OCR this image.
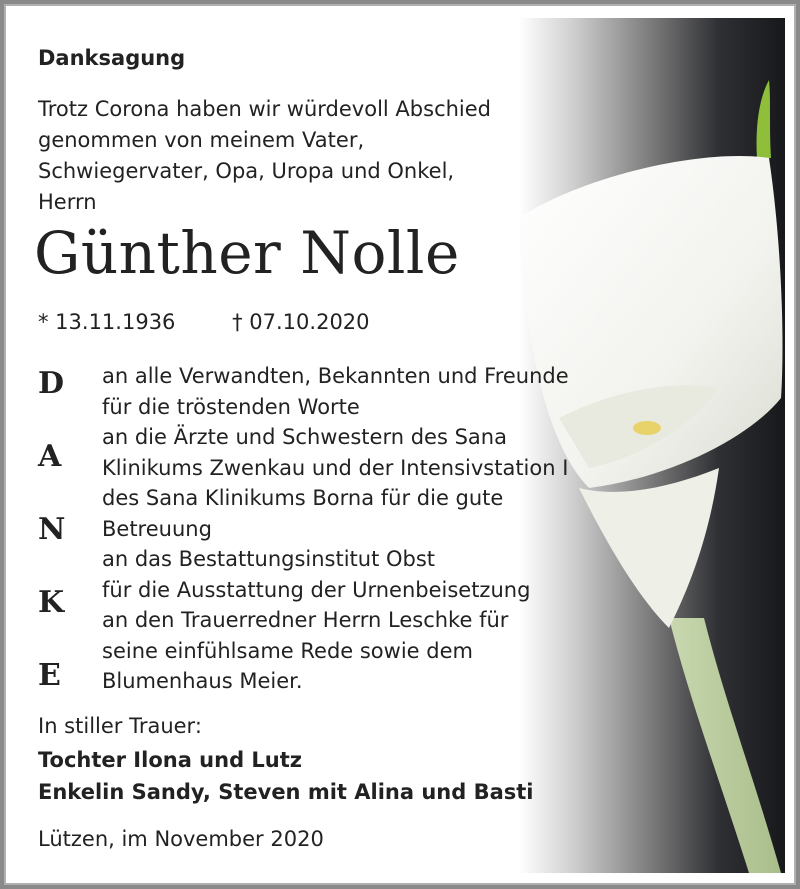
Danksagung
Trotz Corona haben wir würdevoll Abschied
genommen von meinem Vater,
Schwiegervater, Opa, Uropa und Onkel,
Herrn
Günther Nolle
* 13.11.1936	† 07.10.2020
D
A
N
K
E

an alle Verwandten, Bekannten und Freunde

für die tröstenden Worte

an die Ärzte und Schwestern des Sana

Klinikums Zwenkau und der Intensivstation I

des Sana Klinikums Borna für die gute

Betreuung

an das Bestattungsinstitut Obst

für die Ausstattung der Urnenbeisetzung

an den Trauerredner Herrn Leschke für

seine einfühlsame Rede sowie dem

Blumenhaus Meier.

In stiller Trauer:
Tochter Ilona und Lutz
Enkelin Sandy, Steven mit Alina und Basti
Lützen, im November 2020
